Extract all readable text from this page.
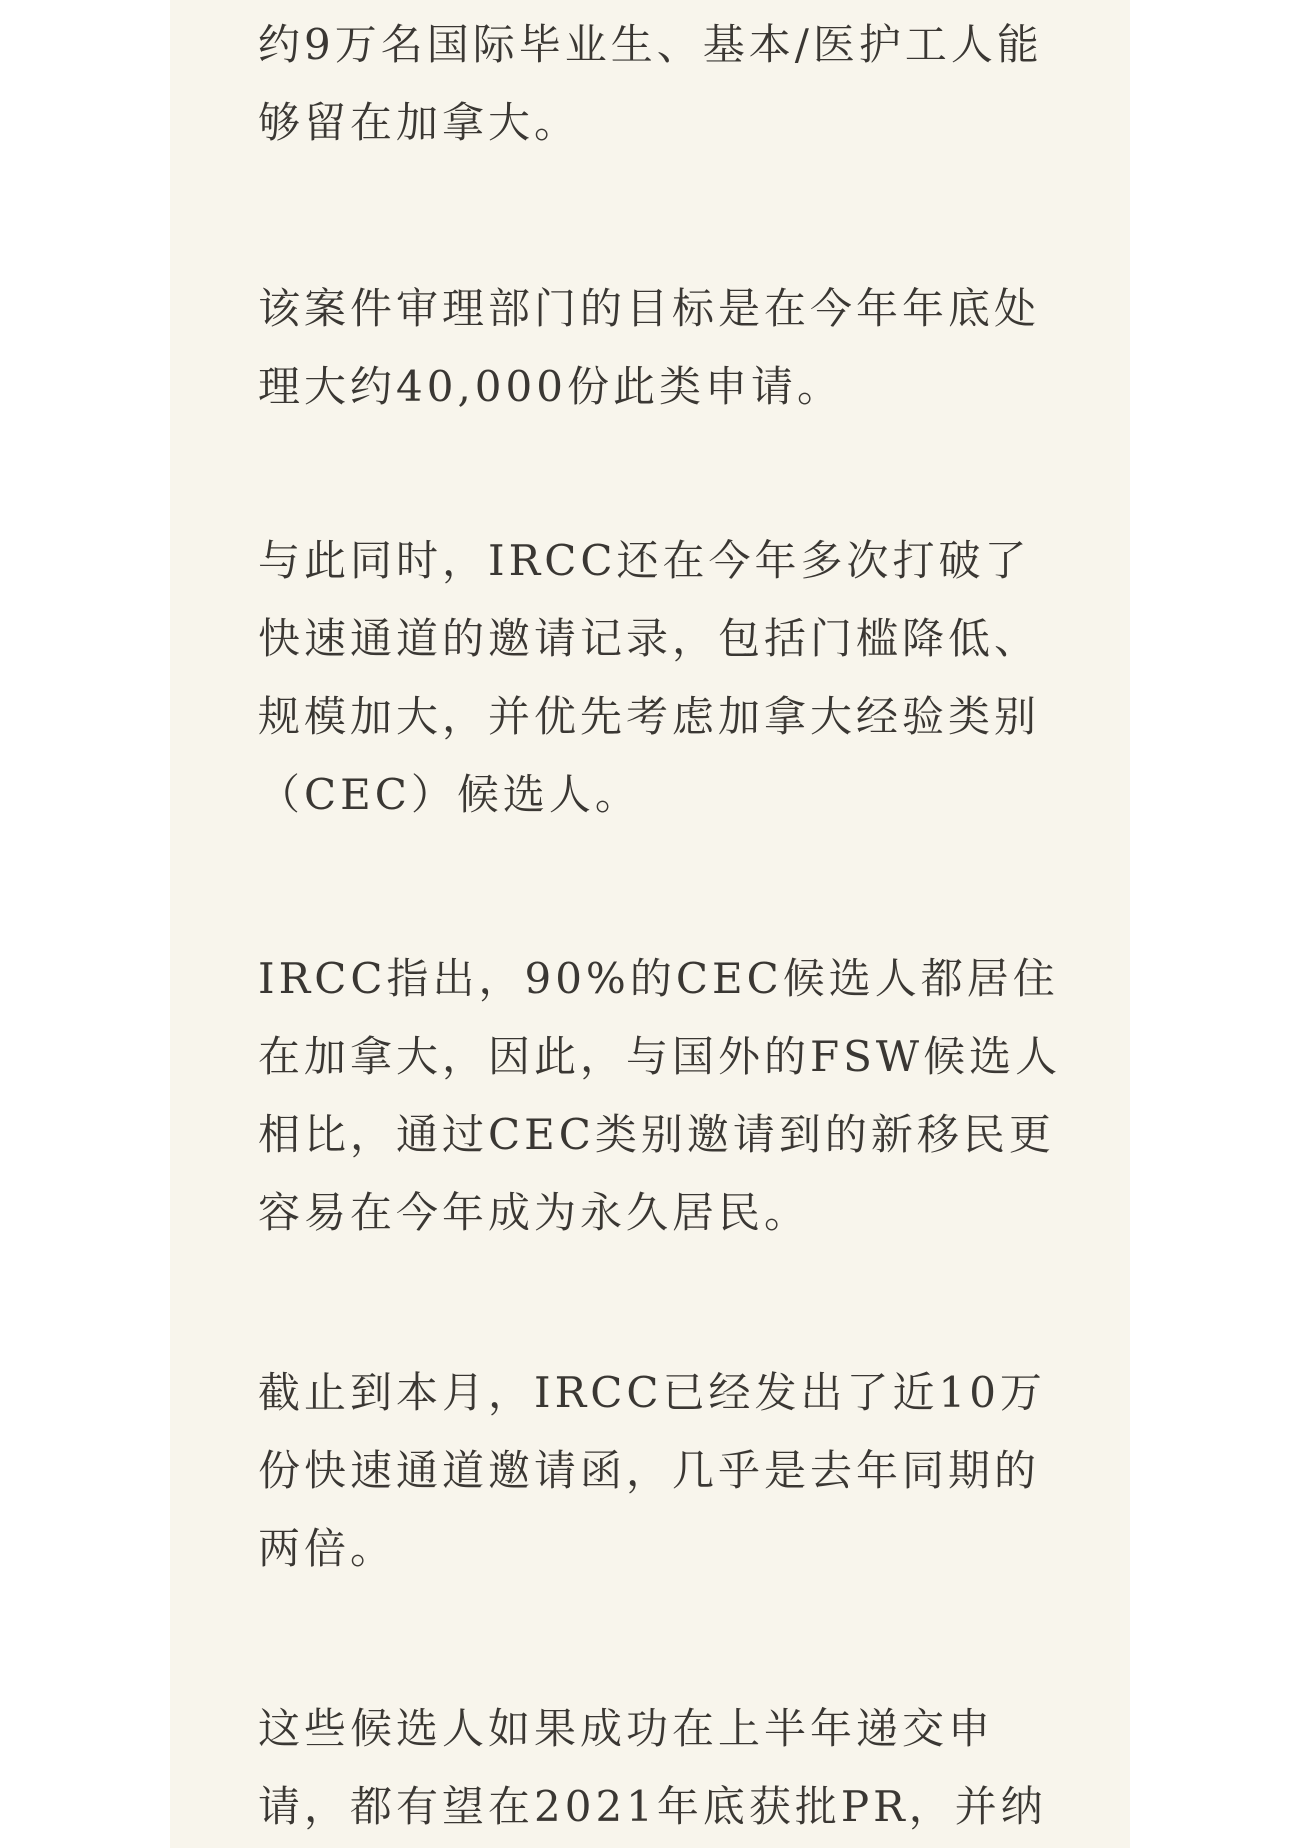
约9万名国际毕业生、基本/医护工人能
够留在加拿大。
该案件审理部门的目标是在今年年底处
理大约40,000份此类申请。
与此同时，IRCC还在今年多次打破了
快速通道的邀请记录，包括门槛降低、
规模加大，并优先考虑加拿大经验类别
（CEC）候选人。
IRCC指出，90%的CEC候选人都居住
在加拿大，因此，与国外的FSW候选人
相比，通过CEC类别邀请到的新移民更
容易在今年成为永久居民。
截止到本月，IRCC已经发出了近10万
份快速通道邀请函，几乎是去年同期的
两倍。
这些候选人如果成功在上半年递交申
请，都有望在2021年底获批PR，并纳
